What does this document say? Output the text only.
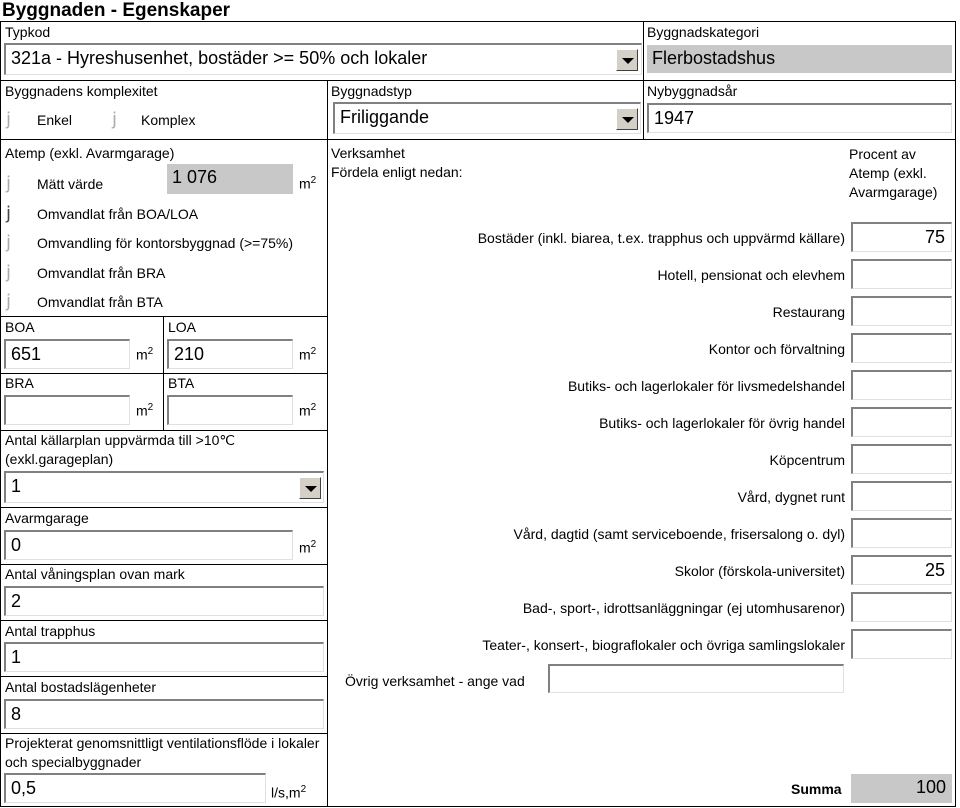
Byggnaden - Egenskaper
Typkod
321a - Hyreshusenhet, bostäder >= 50% och lokaler
Byggnadskategori
Flerbostadshus
Byggnadens komplexitet
j Enkel j Komplex
Byggnadstyp
Friliggande
Nybyggnadsår
1947
Atemp (exkl. Avarmgarage)
j Mätt värde	1 076	$m^2$
j Omvandlat från BOA/LOA
j Omvandling för kontorsbyggnad (>=75%)
j Omvandlat från BRA
j Omvandlat från BTA
BOA
651	$m^2$
LOA
210	$m^2$
BRA
$m^2$
BTA
$m^2$
Antal källarplan uppvärmda till >10℃ (exkl.garageplan)
1
Avarmgarage
0	$m^2$
Antal våningsplan ovan mark
2
Antal trapphus
1
Antal bostadslägenheter
8
Projekterat genomsnittligt ventilationsflöde i lokaler och specialbyggnader
0,5	$l/s,m^2$
Verksamhet
Fördela enligt nedan:
Procent av Atemp (exkl. Avarmgarage)
Bostäder (inkl. biarea, t.ex. trapphus och uppvärmd källare)	75
Hotell, pensionat och elevhem
Restaurang
Kontor och förvaltning
Butiks- och lagerlokaler för livsmedelshandel
Butiks- och lagerlokaler för övrig handel
Köpcentrum
Vård, dygnet runt
Vård, dagtid (samt serviceboende, frisersalong o. dyl)
Skolor (förskola-universitet)	25
Bad-, sport-, idrottsanläggningar (ej utomhusarenor)
Teater-, konsert-, biograflokaler och övriga samlingslokaler
Övrig verksamhet - ange vad
Summa	100
